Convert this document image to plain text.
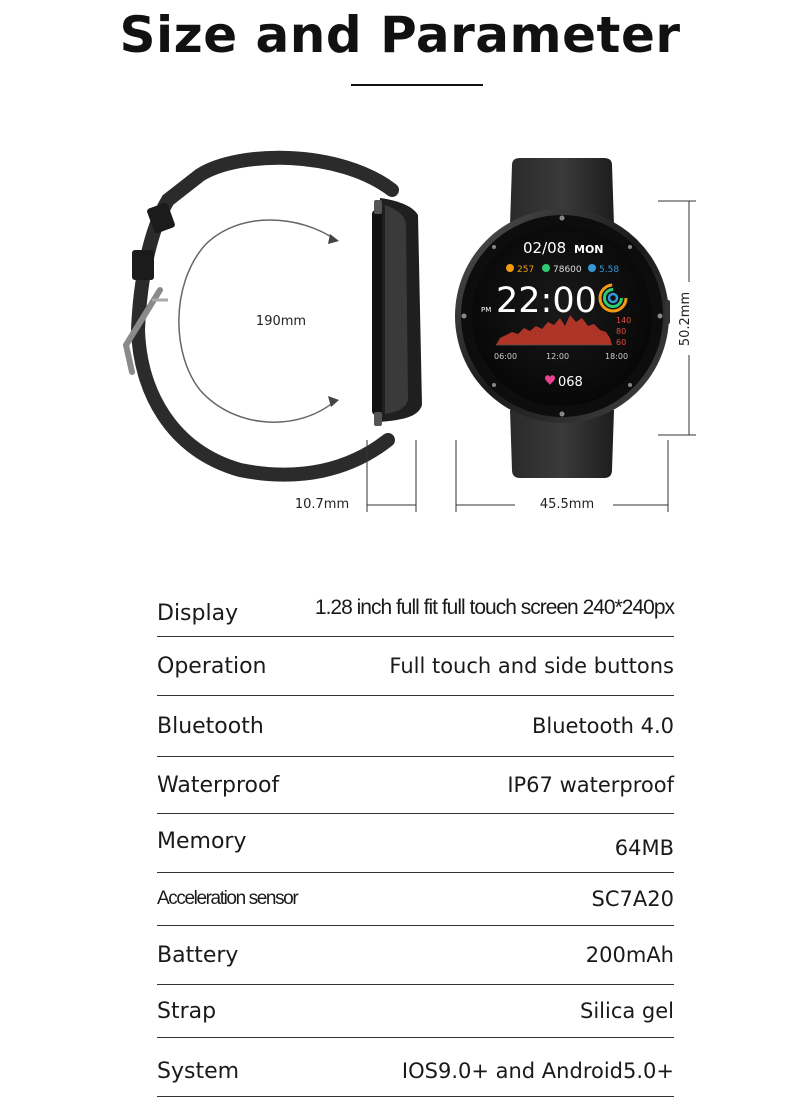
Size and Parameter
190mm
10.7mm
02/08 MON
257 78600 5.58
PM 22:00 140
80
60
06:00	12:00	18:00
068
50.2mm
45.5mm
Display	1.28 inch full fit full touch screen 240*240px
Operation	Full touch and side buttons
Bluetooth	Bluetooth 4.0
Waterproof	IP67 waterproof
Memory	64MB
Acceleration sensor	SC7A20
Battery	200mAh
Strap	Silica gel
System	IOS9.0+ and Android5.0+
